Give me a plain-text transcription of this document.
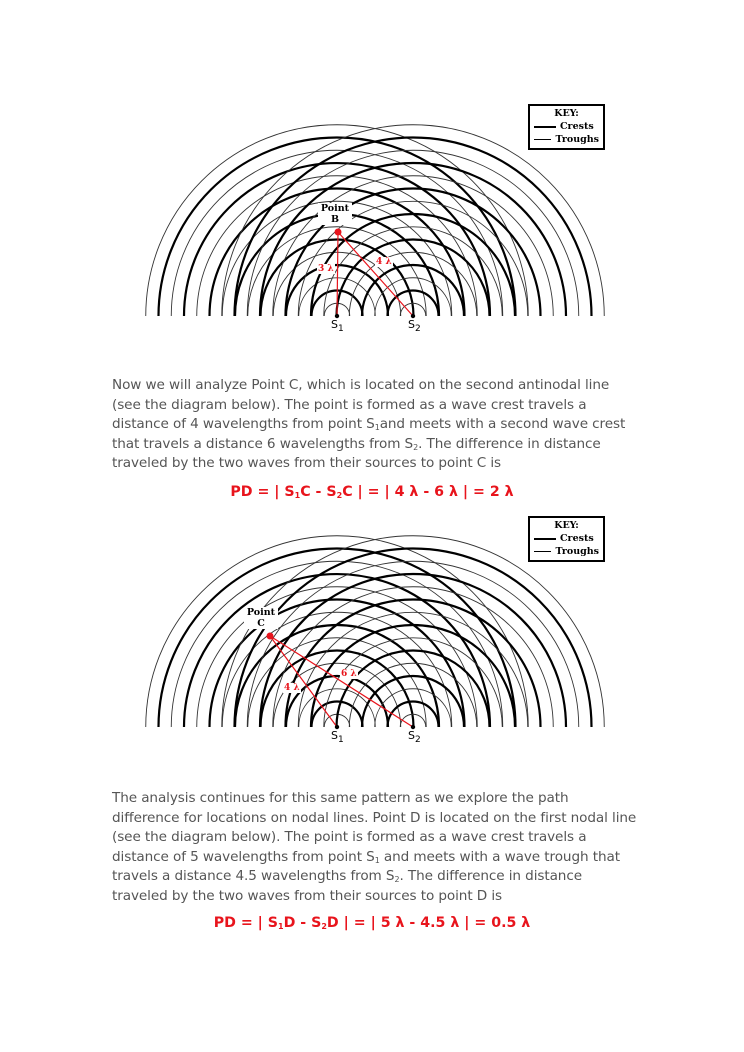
KEY:
Crests
Troughs
Point
B
3 λ
4 λ
$S_1$	$S_2$
Now we will analyze Point C, which is located on the second antinodal line
(see the diagram below). The point is formed as a wave crest travels a
distance of 4 wavelengths from point $S_1and$ meets with a second wave crest
that travels a distance 6 wavelengths from $S_2$. The difference in distance
traveled by the two waves from their sources to point C is
PD = | $S_1C - S_2C$ | = | 4 λ - 6 λ | = 2 λ
KEY:
Crests
Troughs
Point
C
4 λ
6 λ
$S_1$	$S_2$
The analysis continues for this same pattern as we explore the path
difference for locations on nodal lines. Point D is located on the first nodal line
(see the diagram below). The point is formed as a wave crest travels a
distance of 5 wavelengths from point $S_1$ and meets with a wave trough that
travels a distance 4.5 wavelengths from $S_2$. The difference in distance
traveled by the two waves from their sources to point D is
PD = | $S_1D - S_2D$ | = | 5 λ - 4.5 λ | = 0.5 λ
